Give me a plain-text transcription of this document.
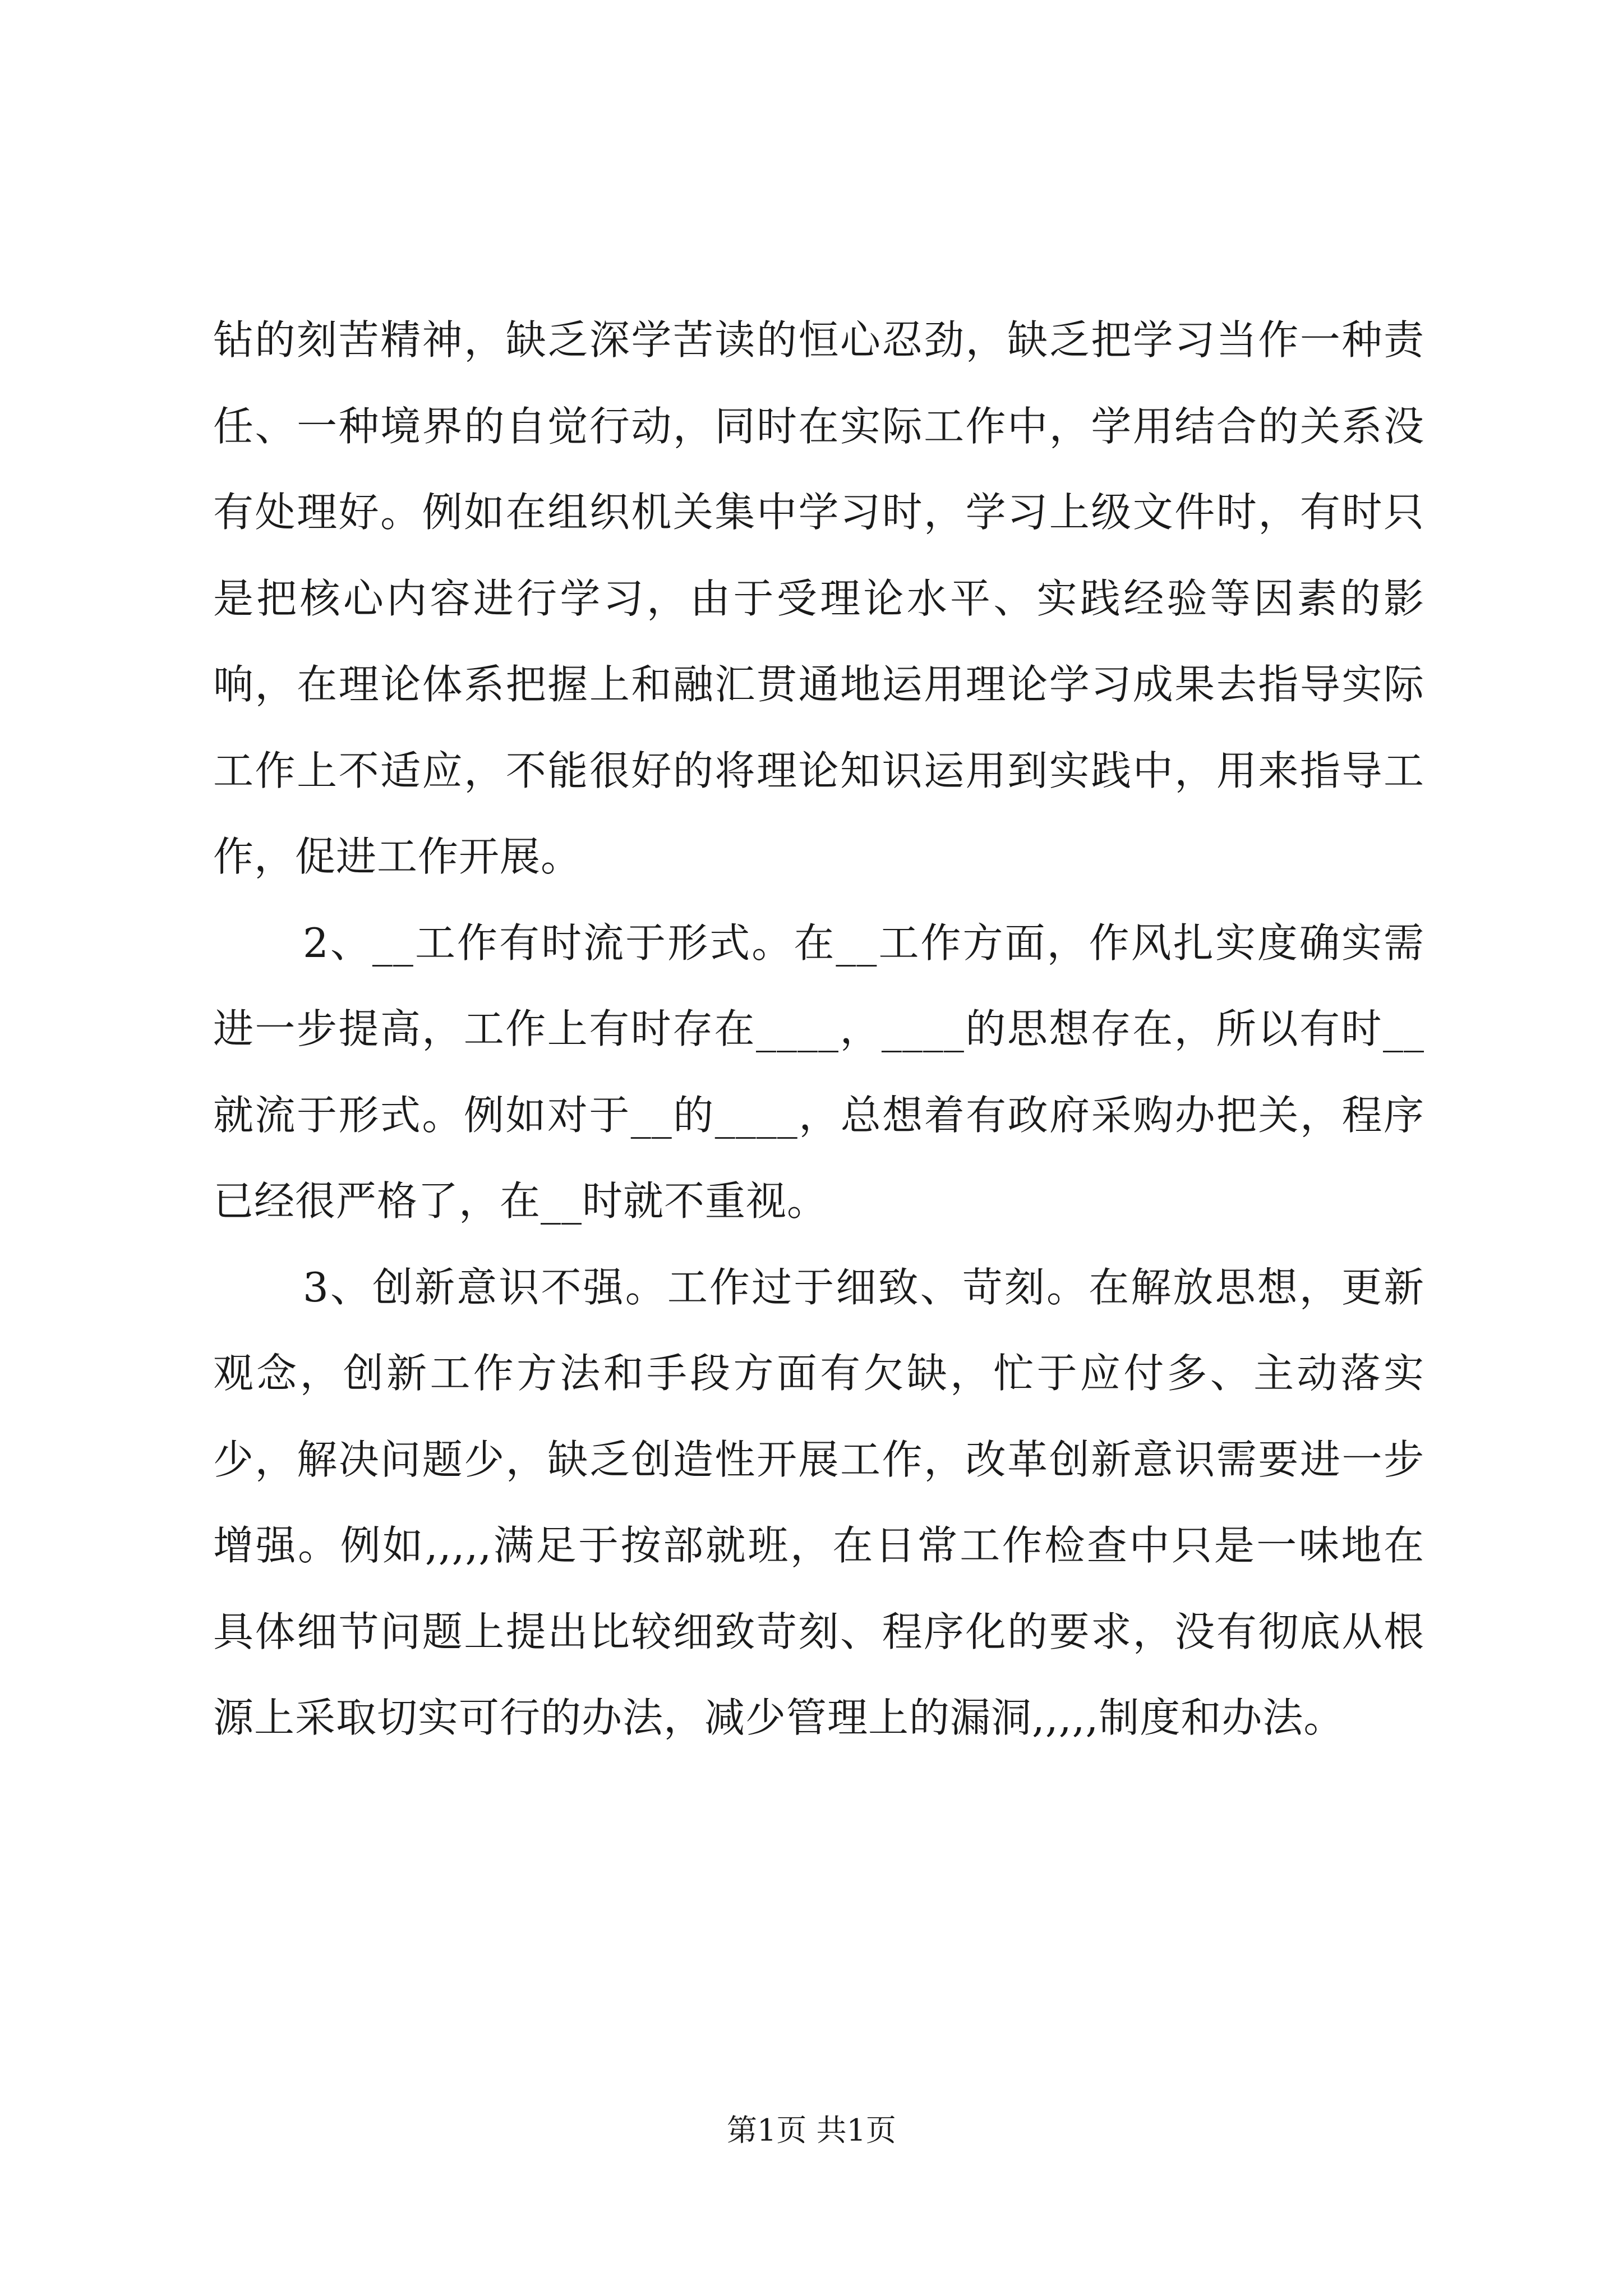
钻的刻苦精神，缺乏深学苦读的恒心忍劲，缺乏把学习当作一种责任、一种境界的自觉行动，同时在实际工作中，学用结合的关系没有处理好。例如在组织机关集中学习时，学习上级文件时，有时只是把核心内容进行学习，由于受理论水平、实践经验等因素的影响，在理论体系把握上和融汇贯通地运用理论学习成果去指导实际工作上不适应，不能很好的将理论知识运用到实践中，用来指导工作，促进工作开展。

2、__工作有时流于形式。在__工作方面，作风扎实度确实需进一步提高，工作上有时存在____，____的思想存在，所以有时__就流于形式。例如对于__的____，总想着有政府采购办把关，程序已经很严格了，在__时就不重视。

3、创新意识不强。工作过于细致、苛刻。在解放思想，更新观念，创新工作方法和手段方面有欠缺，忙于应付多、主动落实少，解决问题少，缺乏创造性开展工作，改革创新意识需要进一步增强。例如,,,,,满足于按部就班，在日常工作检查中只是一味地在具体细节问题上提出比较细致苛刻、程序化的要求，没有彻底从根源上采取切实可行的办法，减少管理上的漏洞,,,,,制度和办法。

第1页 共1页
